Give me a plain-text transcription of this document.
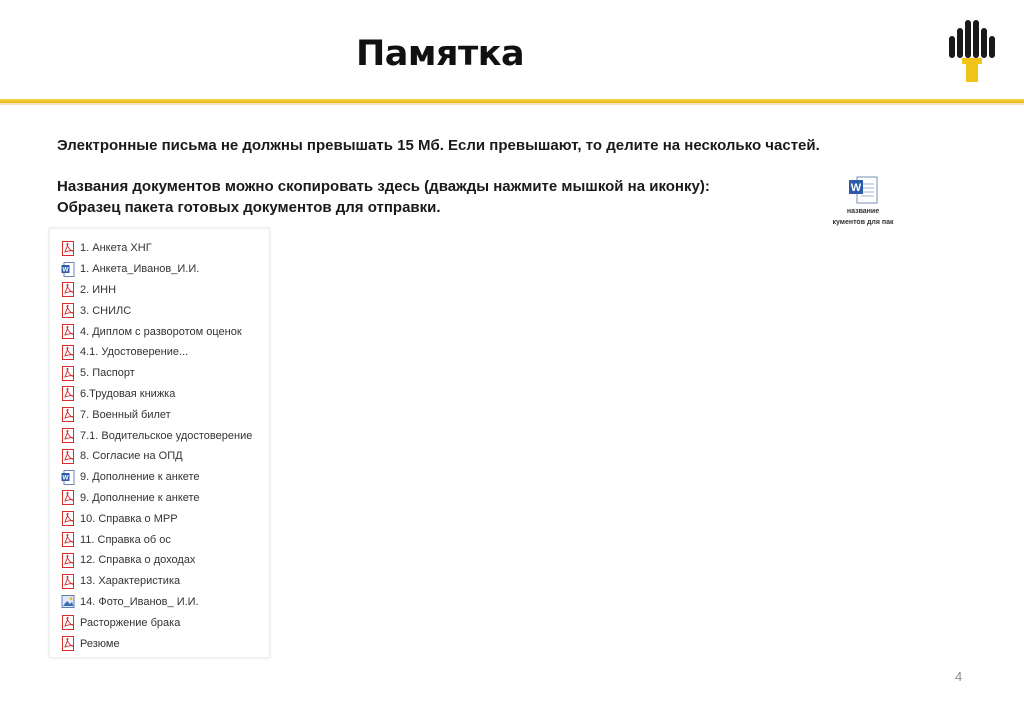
Памятка
Электронные письма не должны превышать 15 Мб. Если превышают, то делите на несколько частей.
Названия документов можно скопировать здесь (дважды нажмите мышкой на иконку):
Образец пакета готовых документов для отправки.
W
название
кументов для пак
1. Анкета ХНГ
W 1. Анкета_Иванов_И.И.
2. ИНН
3. СНИЛС
4. Диплом с разворотом оценок
4.1. Удостоверение...
5. Паспорт
6.Трудовая книжка
7. Военный билет
7.1. Водительское удостоверение
8. Согласие на ОПД
W 9. Дополнение к анкете
9. Дополнение к анкете
10. Справка о МРР
11. Справка об ос
12. Справка о доходах
13. Характеристика
14. Фото_Иванов_ И.И.
Расторжение брака
Резюме
4
